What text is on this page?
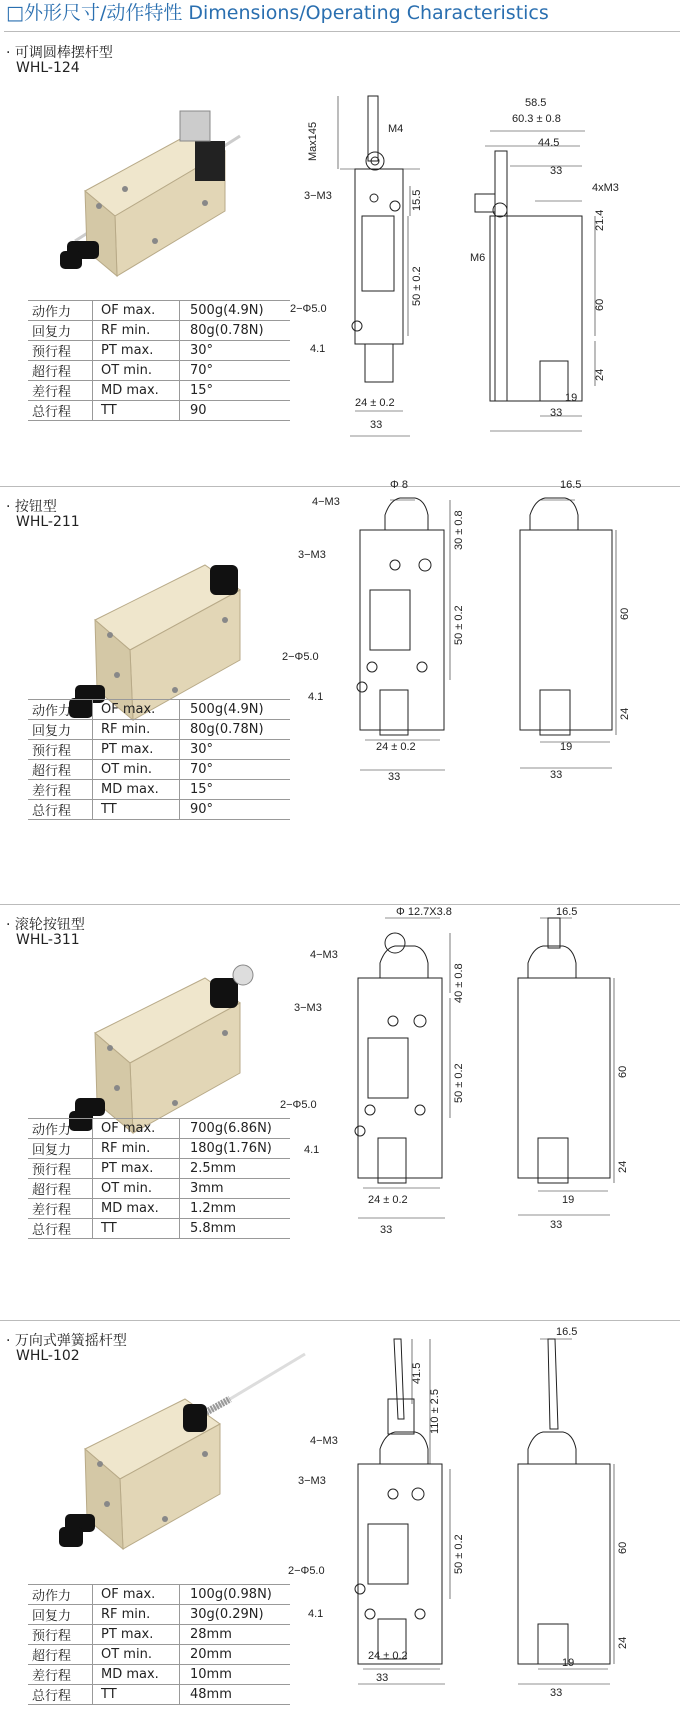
□外形尺寸/动作特性 Dimensions/Operating Characteristics
· 可调圆棒摆杆型
WHL-124
Max145	M4
3−M3	15.5
50 ± 0.2
2−Φ5.0
4.1
24 ± 0.2
33
58.5
60.3 ± 0.8
44.5
33
4xM3
21.4
M6
60
24
19
33
动作力	OF max.	500g(4.9N)
回复力	RF min.	80g(0.78N)
预行程	PT max.	30°
超行程	OT min.	70°
差行程	MD max.	15°
总行程	TT	90
· 按钮型
WHL-211
Φ 8
4−M3
30 ± 0.8
3−M3
50 ± 0.2
2−Φ5.0
4.1
24 ± 0.2
33
16.5
60
24
19
33
动作力	OF max.	500g(4.9N)
回复力	RF min.	80g(0.78N)
预行程	PT max.	30°
超行程	OT min.	70°
差行程	MD max.	15°
总行程	TT	90°
· 滚轮按钮型
WHL-311
Φ 12.7X3.8
4−M3
40 ± 0.8
3−M3
50 ± 0.2
2−Φ5.0
4.1
24 ± 0.2
33
16.5
60
24
19
33
动作力	OF max.	700g(6.86N)
回复力	RF min.	180g(1.76N)
预行程	PT max.	2.5mm
超行程	OT min.	3mm
差行程	MD max.	1.2mm
总行程	TT	5.8mm
· 万向式弹簧摇杆型
WHL-102
41.5
110 ± 2.5
4−M3
3−M3
50 ± 0.2
2−Φ5.0
4.1
24 ± 0.2
33
16.5
60
24
19
33
动作力	OF max.	100g(0.98N)
回复力	RF min.	30g(0.29N)
预行程	PT max.	28mm
超行程	OT min.	20mm
差行程	MD max.	10mm
总行程	TT	48mm
